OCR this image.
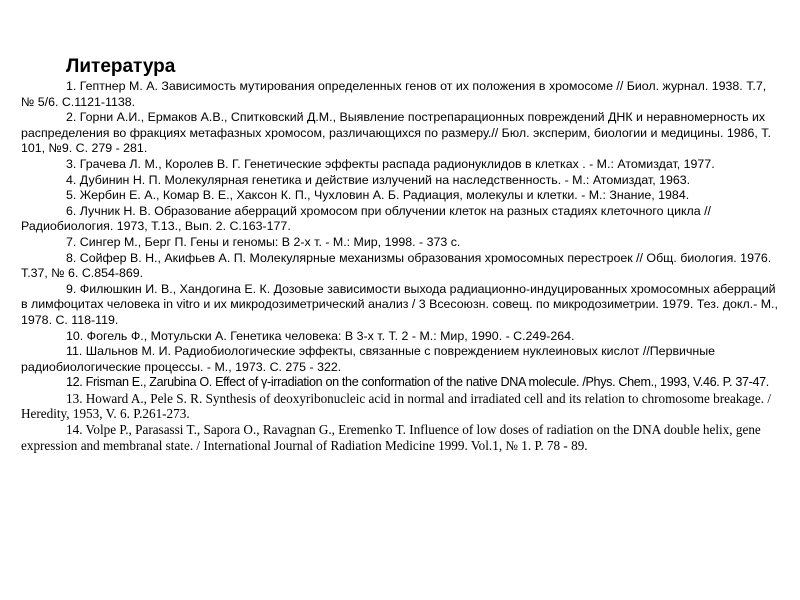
Литература

1. Гептнер М. А. Зависимость мутирования определенных генов от их положения в хромосоме // Биол. журнал. 1938. Т.7, № 5/6. С.1121-1138.

2. Горни А.И., Ермаков А.В., Спитковский Д.М., Выявление пострепарационных повреждений ДНК и неравномерность их распределения во фракциях метафазных хромосом, различающихся по размеру.// Бюл. эксперим, биологии и медицины. 1986, Т. 101, №9. С. 279 - 281.

3. Грачева Л. М., Королев В. Г. Генетические эффекты распада радионуклидов в клетках . - М.: Атомиздат, 1977.

4. Дубинин Н. П. Молекулярная генетика и действие излучений на наследственность. - М.: Атомиздат, 1963.

5. Жербин Е. А., Комар В. Е., Хаксон К. П., Чухловин А. Б. Радиация, молекулы и клетки. - М.: Знание, 1984.

6. Лучник Н. В. Образование аберраций хромосом при облучении клеток на разных стадиях клеточного цикла //Радиобиология. 1973, Т.13., Вып. 2. С.163-177.

7. Сингер М., Берг П. Гены и геномы: В 2-х т. - М.: Мир, 1998. - 373 с.

8. Сойфер В. Н., Акифьев А. П. Молекулярные механизмы образования хромосомных перестроек // Общ. биология. 1976. Т.37, № 6. С.854-869.

9. Филюшкин И. В., Хандогина Е. К. Дозовые зависимости выхода радиационно-индуцированных хромосомных аберраций в лимфоцитах человека in vitro и их микродозиметрический анализ / 3 Всесоюзн. совещ. по микродозиметрии. 1979. Тез. докл.- М., 1978. С. 118-119.

10. Фогель Ф., Мотульски А. Генетика человека: В 3-х т. Т. 2 - М.: Мир, 1990. - С.249-264.

11. Шальнов М. И. Радиобиологические эффекты, связанные с повреждением нуклеиновых кислот //Первичные радиобиологические процессы. - М., 1973. С. 275 - 322.

12. Frisman E., Zarubina O. Effect of γ-irradiation on the conformation of the native DNA molecule. /Phys. Chem., 1993, V.46. P. 37-47.

13. Howard A., Pele S. R. Synthesis of deoxyribonucleic acid in normal and irradiated cell and its relation to chromosome breakage. / Heredity, 1953, V. 6. P.261-273.

14. Volpe P., Parasassi T., Sapora O., Ravagnan G., Eremenko T. Influence of low doses of radiation on the DNA double helix, gene expression and membranal state. / International Journal of Radiation Medicine 1999. Vol.1, № 1. P. 78 - 89.
